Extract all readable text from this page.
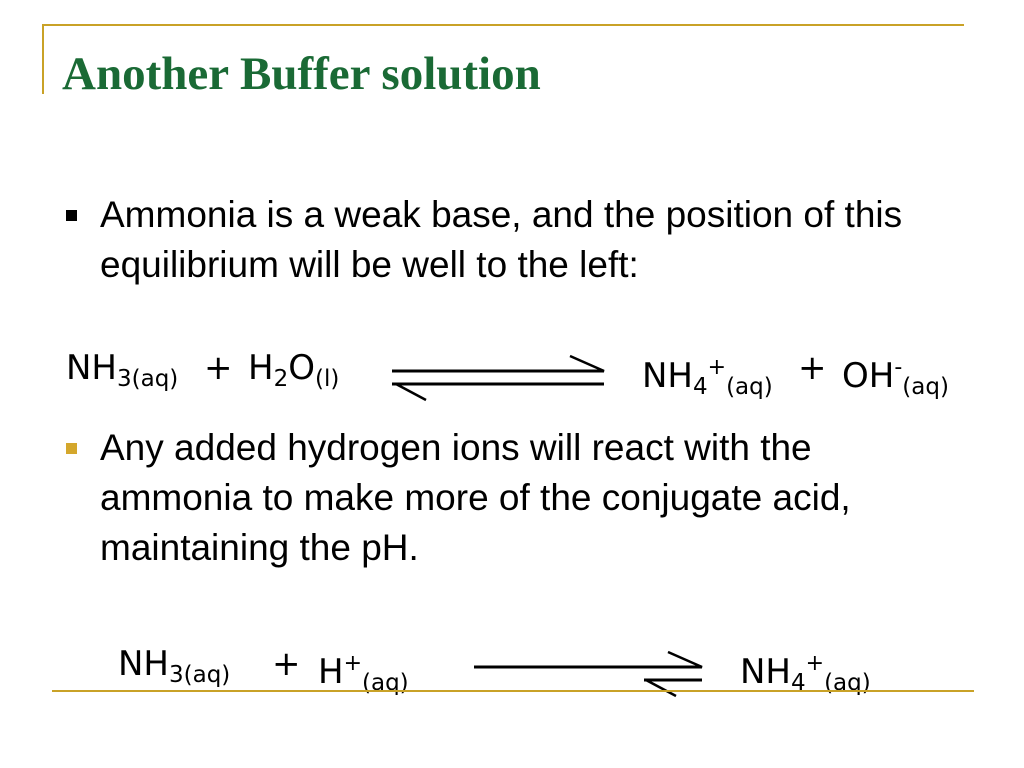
Another Buffer solution

Ammonia is a weak base, and the position of this equilibrium will be well to the left:

$NH_{3(aq)} + H_2O_{(l)}$	$NH_4^+_{(aq)} + OH^-_{(aq)}$

Any added hydrogen ions will react with the ammonia to make more of the conjugate acid, maintaining the pH.

$NH_{3(aq)} + H^+_{(aq)}$	$NH_4^+_{(aq)}$
